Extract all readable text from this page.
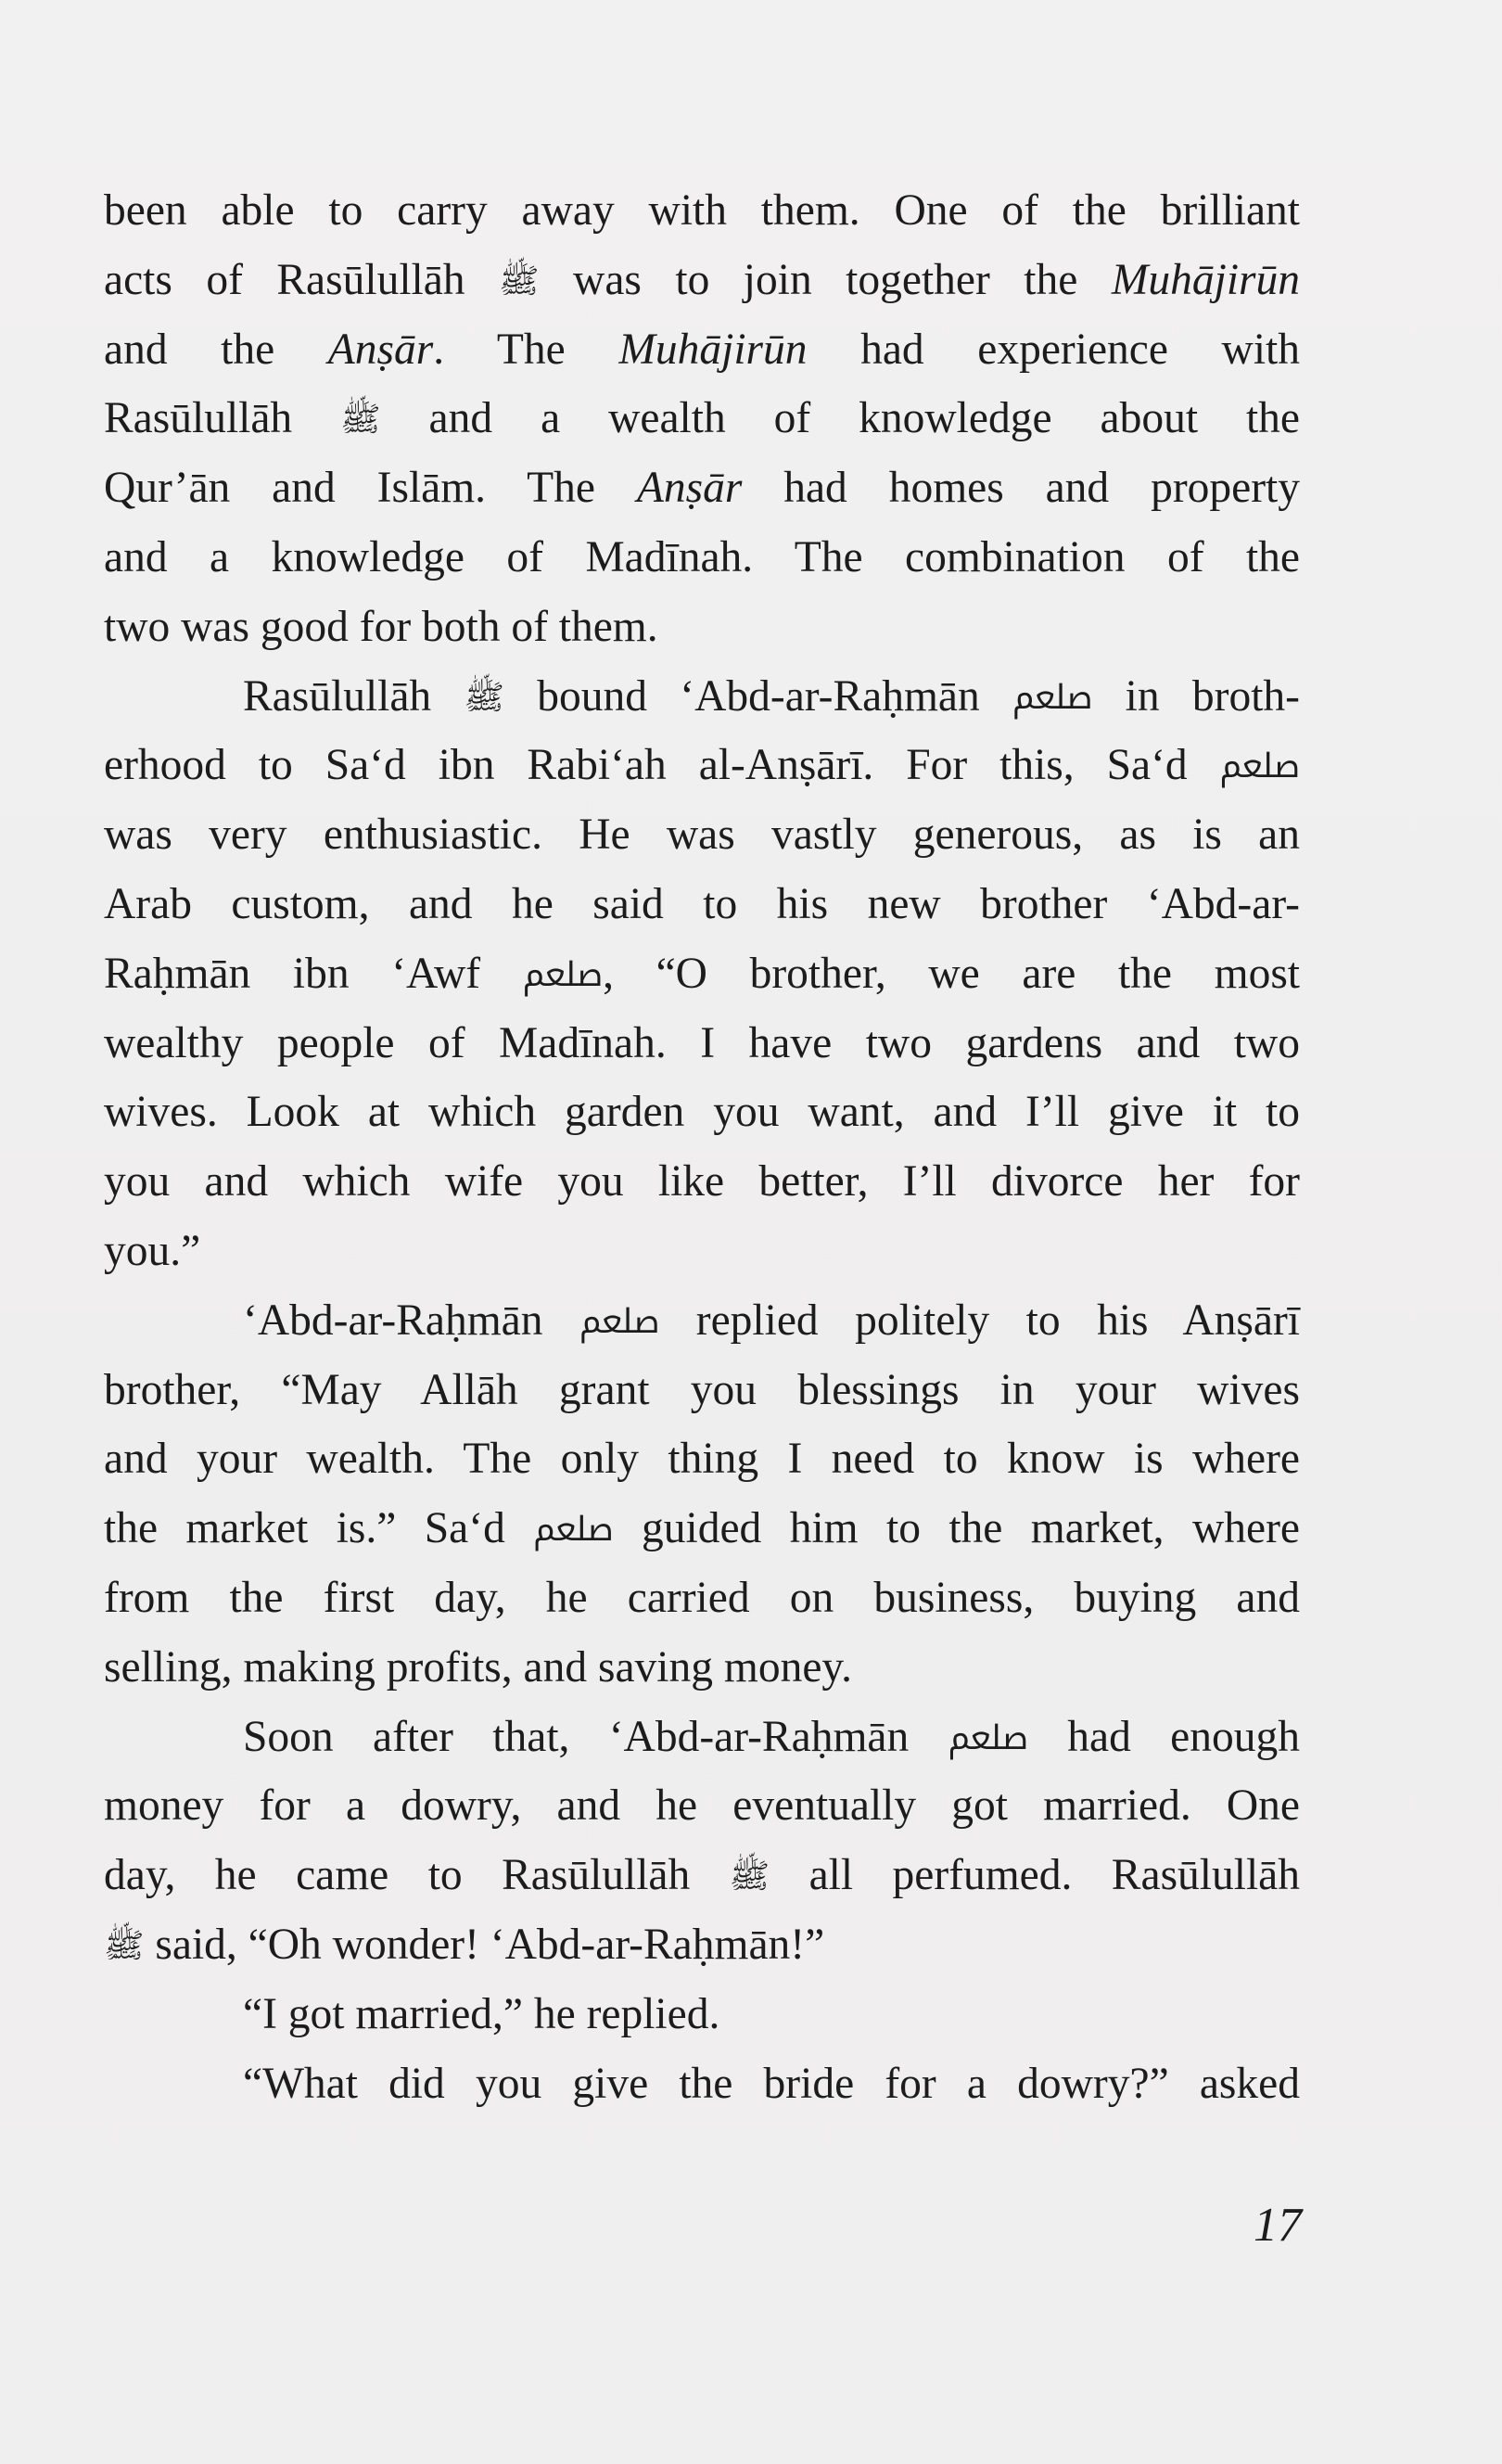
been able to carry away with them. One of the brilliant
acts of Rasūlullāh ﷺ was to join together the Muhājirūn
and the Anṣār. The Muhājirūn had experience with
Rasūlullāh ﷺ and a wealth of knowledge about the
Qur’ān and Islām. The Anṣār had homes and property
and a knowledge of Madīnah. The combination of the
two was good for both of them.
Rasūlullāh ﷺ bound ‘Abd-ar-Raḥmān ﷵ in broth-
erhood to Sa‘d ibn Rabi‘ah al-Anṣārī. For this, Sa‘d ﷵ
was very enthusiastic. He was vastly generous, as is an
Arab custom, and he said to his new brother ‘Abd-ar-
Raḥmān ibn ‘Awf ﷵ, “O brother, we are the most
wealthy people of Madīnah. I have two gardens and two
wives. Look at which garden you want, and I’ll give it to
you and which wife you like better, I’ll divorce her for
you.”
‘Abd-ar-Raḥmān ﷵ replied politely to his Anṣārī
brother, “May Allāh grant you blessings in your wives
and your wealth. The only thing I need to know is where
the market is.” Sa‘d ﷵ guided him to the market, where
from the first day, he carried on business, buying and
selling, making profits, and saving money.
Soon after that, ‘Abd-ar-Raḥmān ﷵ had enough
money for a dowry, and he eventually got married. One
day, he came to Rasūlullāh ﷺ all perfumed. Rasūlullāh
ﷺ said, “Oh wonder! ‘Abd-ar-Raḥmān!”
“I got married,” he replied.
“What did you give the bride for a dowry?” asked
17
